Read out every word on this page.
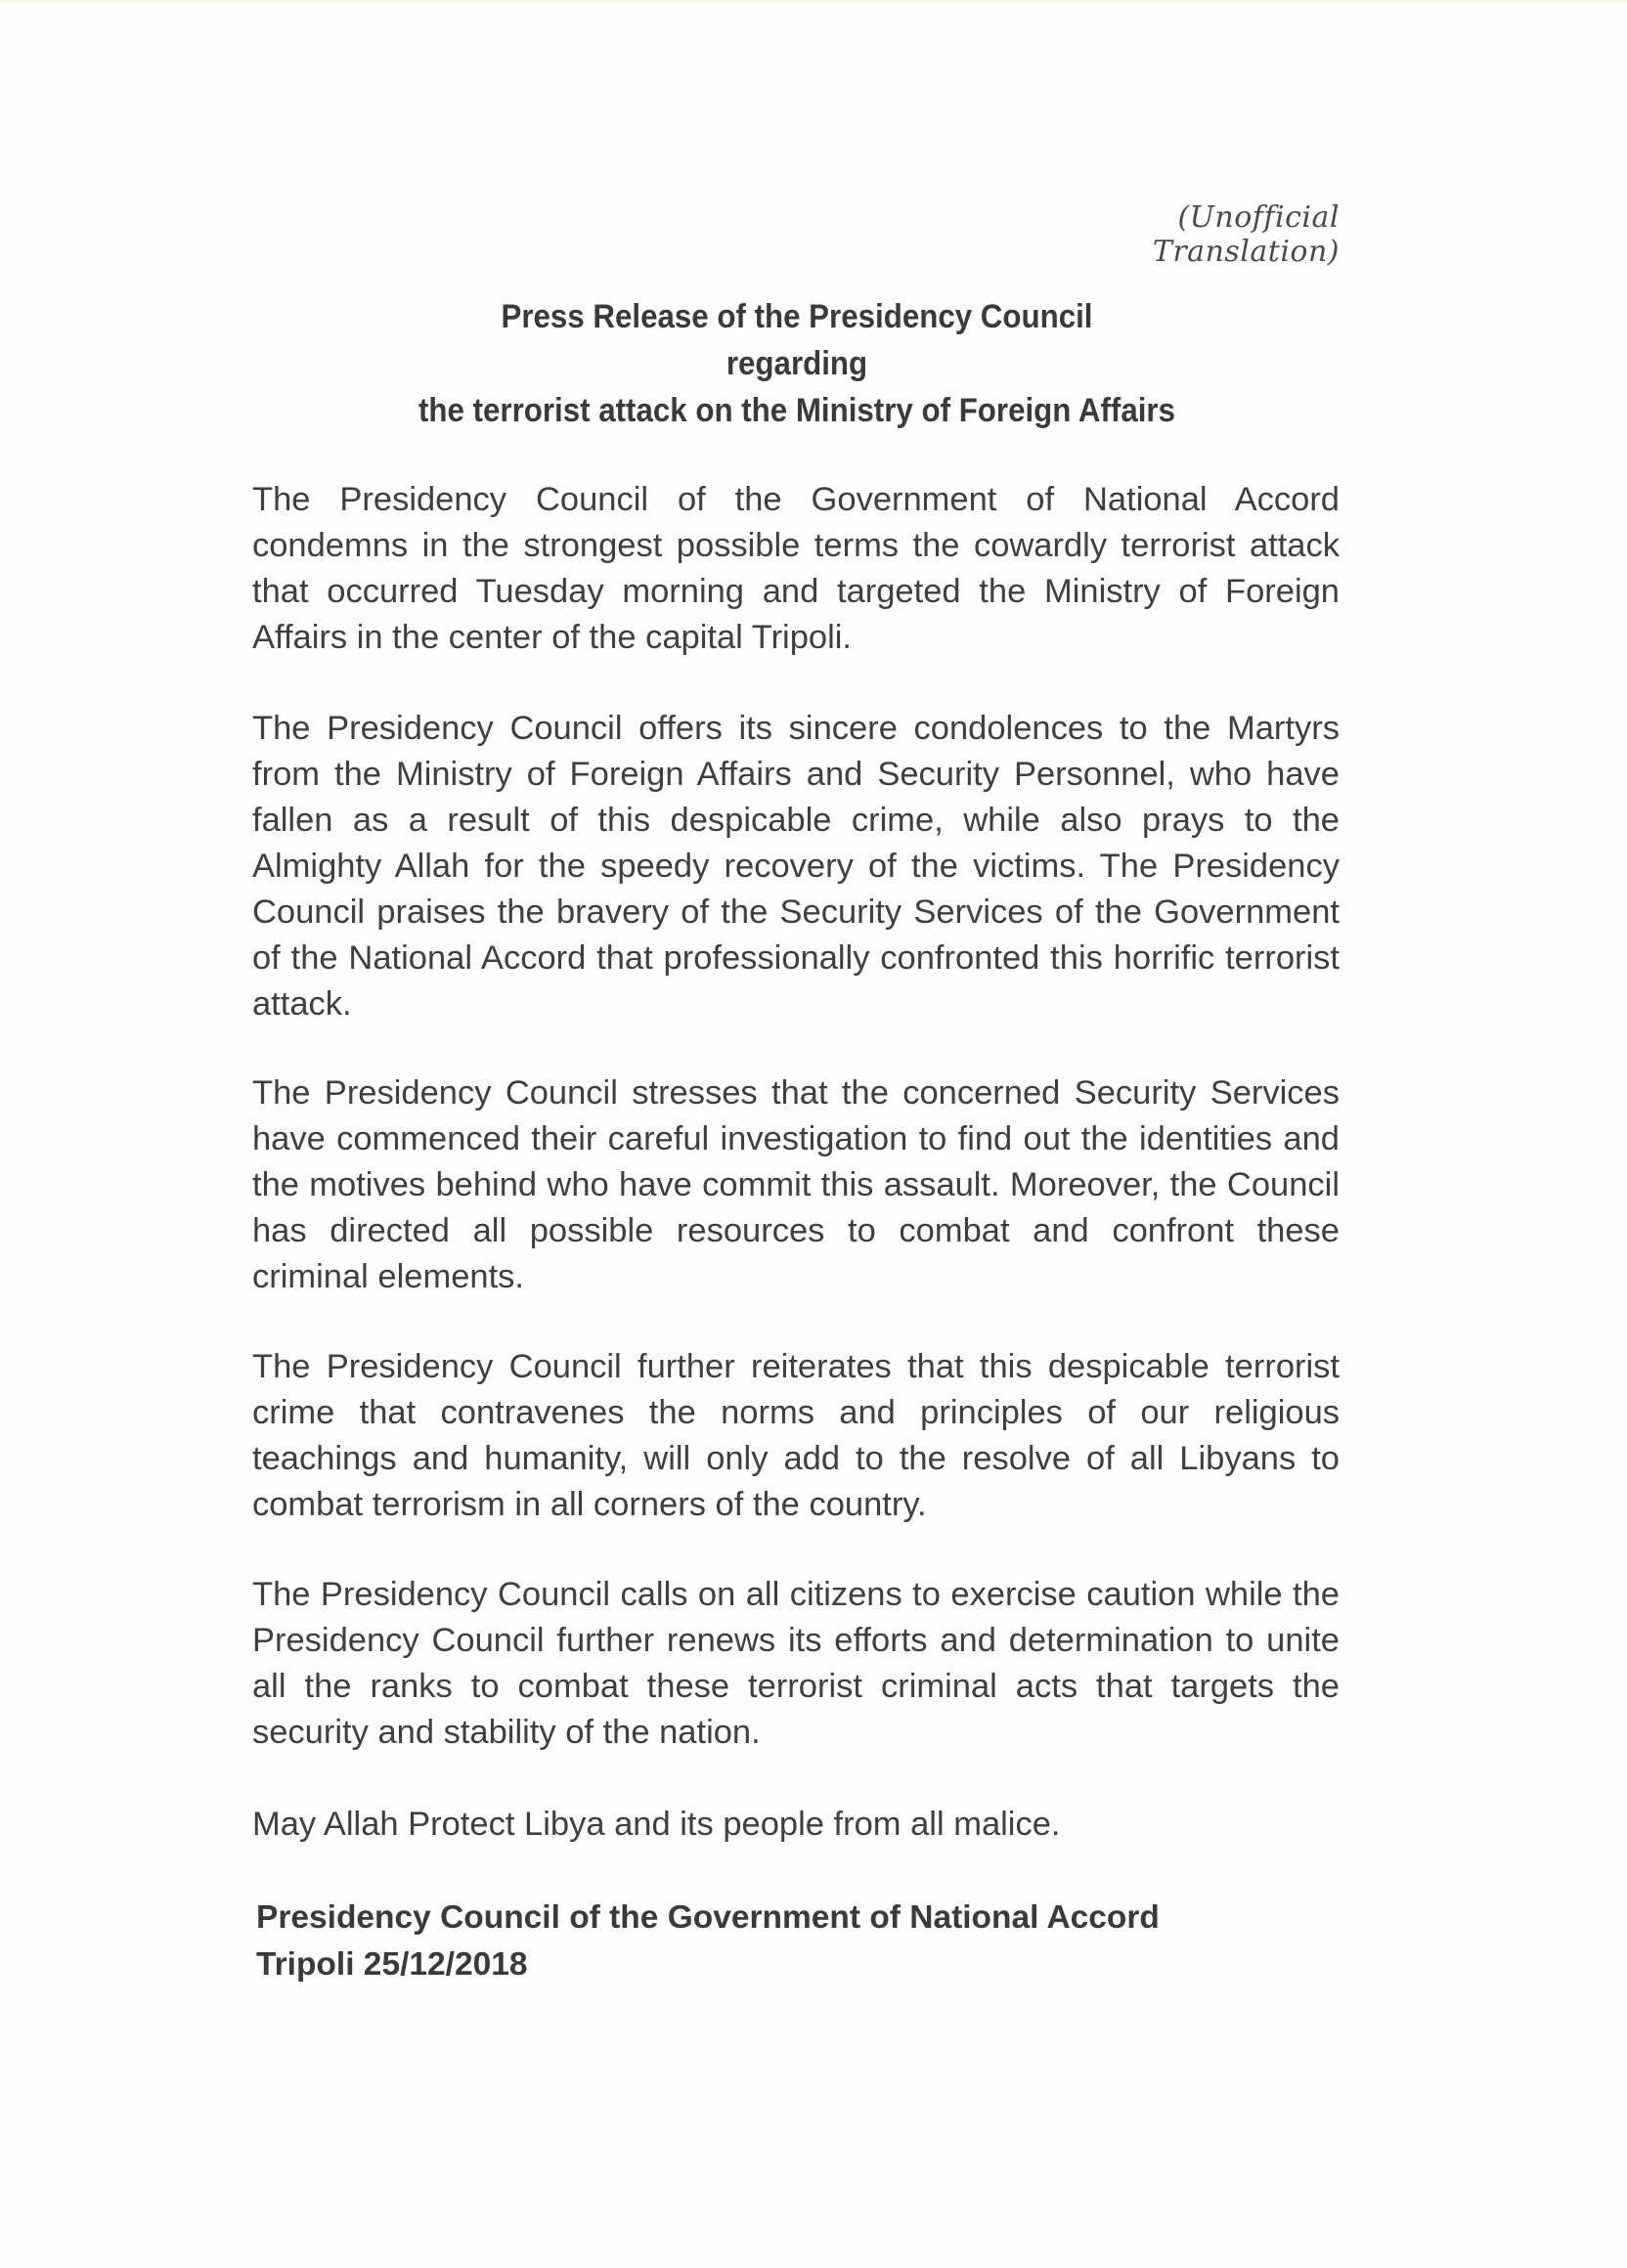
(Unofficial Translation)
Press Release of the Presidency Council
regarding
the terrorist attack on the Ministry of Foreign Affairs

The Presidency Council of the Government of National Accord condemns in the strongest possible terms the cowardly terrorist attack that occurred Tuesday morning and targeted the Ministry of Foreign Affairs in the center of the capital Tripoli.

The Presidency Council offers its sincere condolences to the Martyrs from the Ministry of Foreign Affairs and Security Personnel, who have fallen as a result of this despicable crime, while also prays to the Almighty Allah for the speedy recovery of the victims. The Presidency Council praises the bravery of the Security Services of the Government of the National Accord that professionally confronted this horrific terrorist attack.

The Presidency Council stresses that the concerned Security Services have commenced their careful investigation to find out the identities and the motives behind who have commit this assault. Moreover, the Council has directed all possible resources to combat and confront these criminal elements.

The Presidency Council further reiterates that this despicable terrorist crime that contravenes the norms and principles of our religious teachings and humanity, will only add to the resolve of all Libyans to combat terrorism in all corners of the country.

The Presidency Council calls on all citizens to exercise caution while the Presidency Council further renews its efforts and determination to unite all the ranks to combat these terrorist criminal acts that targets the security and stability of the nation.

May Allah Protect Libya and its people from all malice.

Presidency Council of the Government of National Accord
Tripoli 25/12/2018
